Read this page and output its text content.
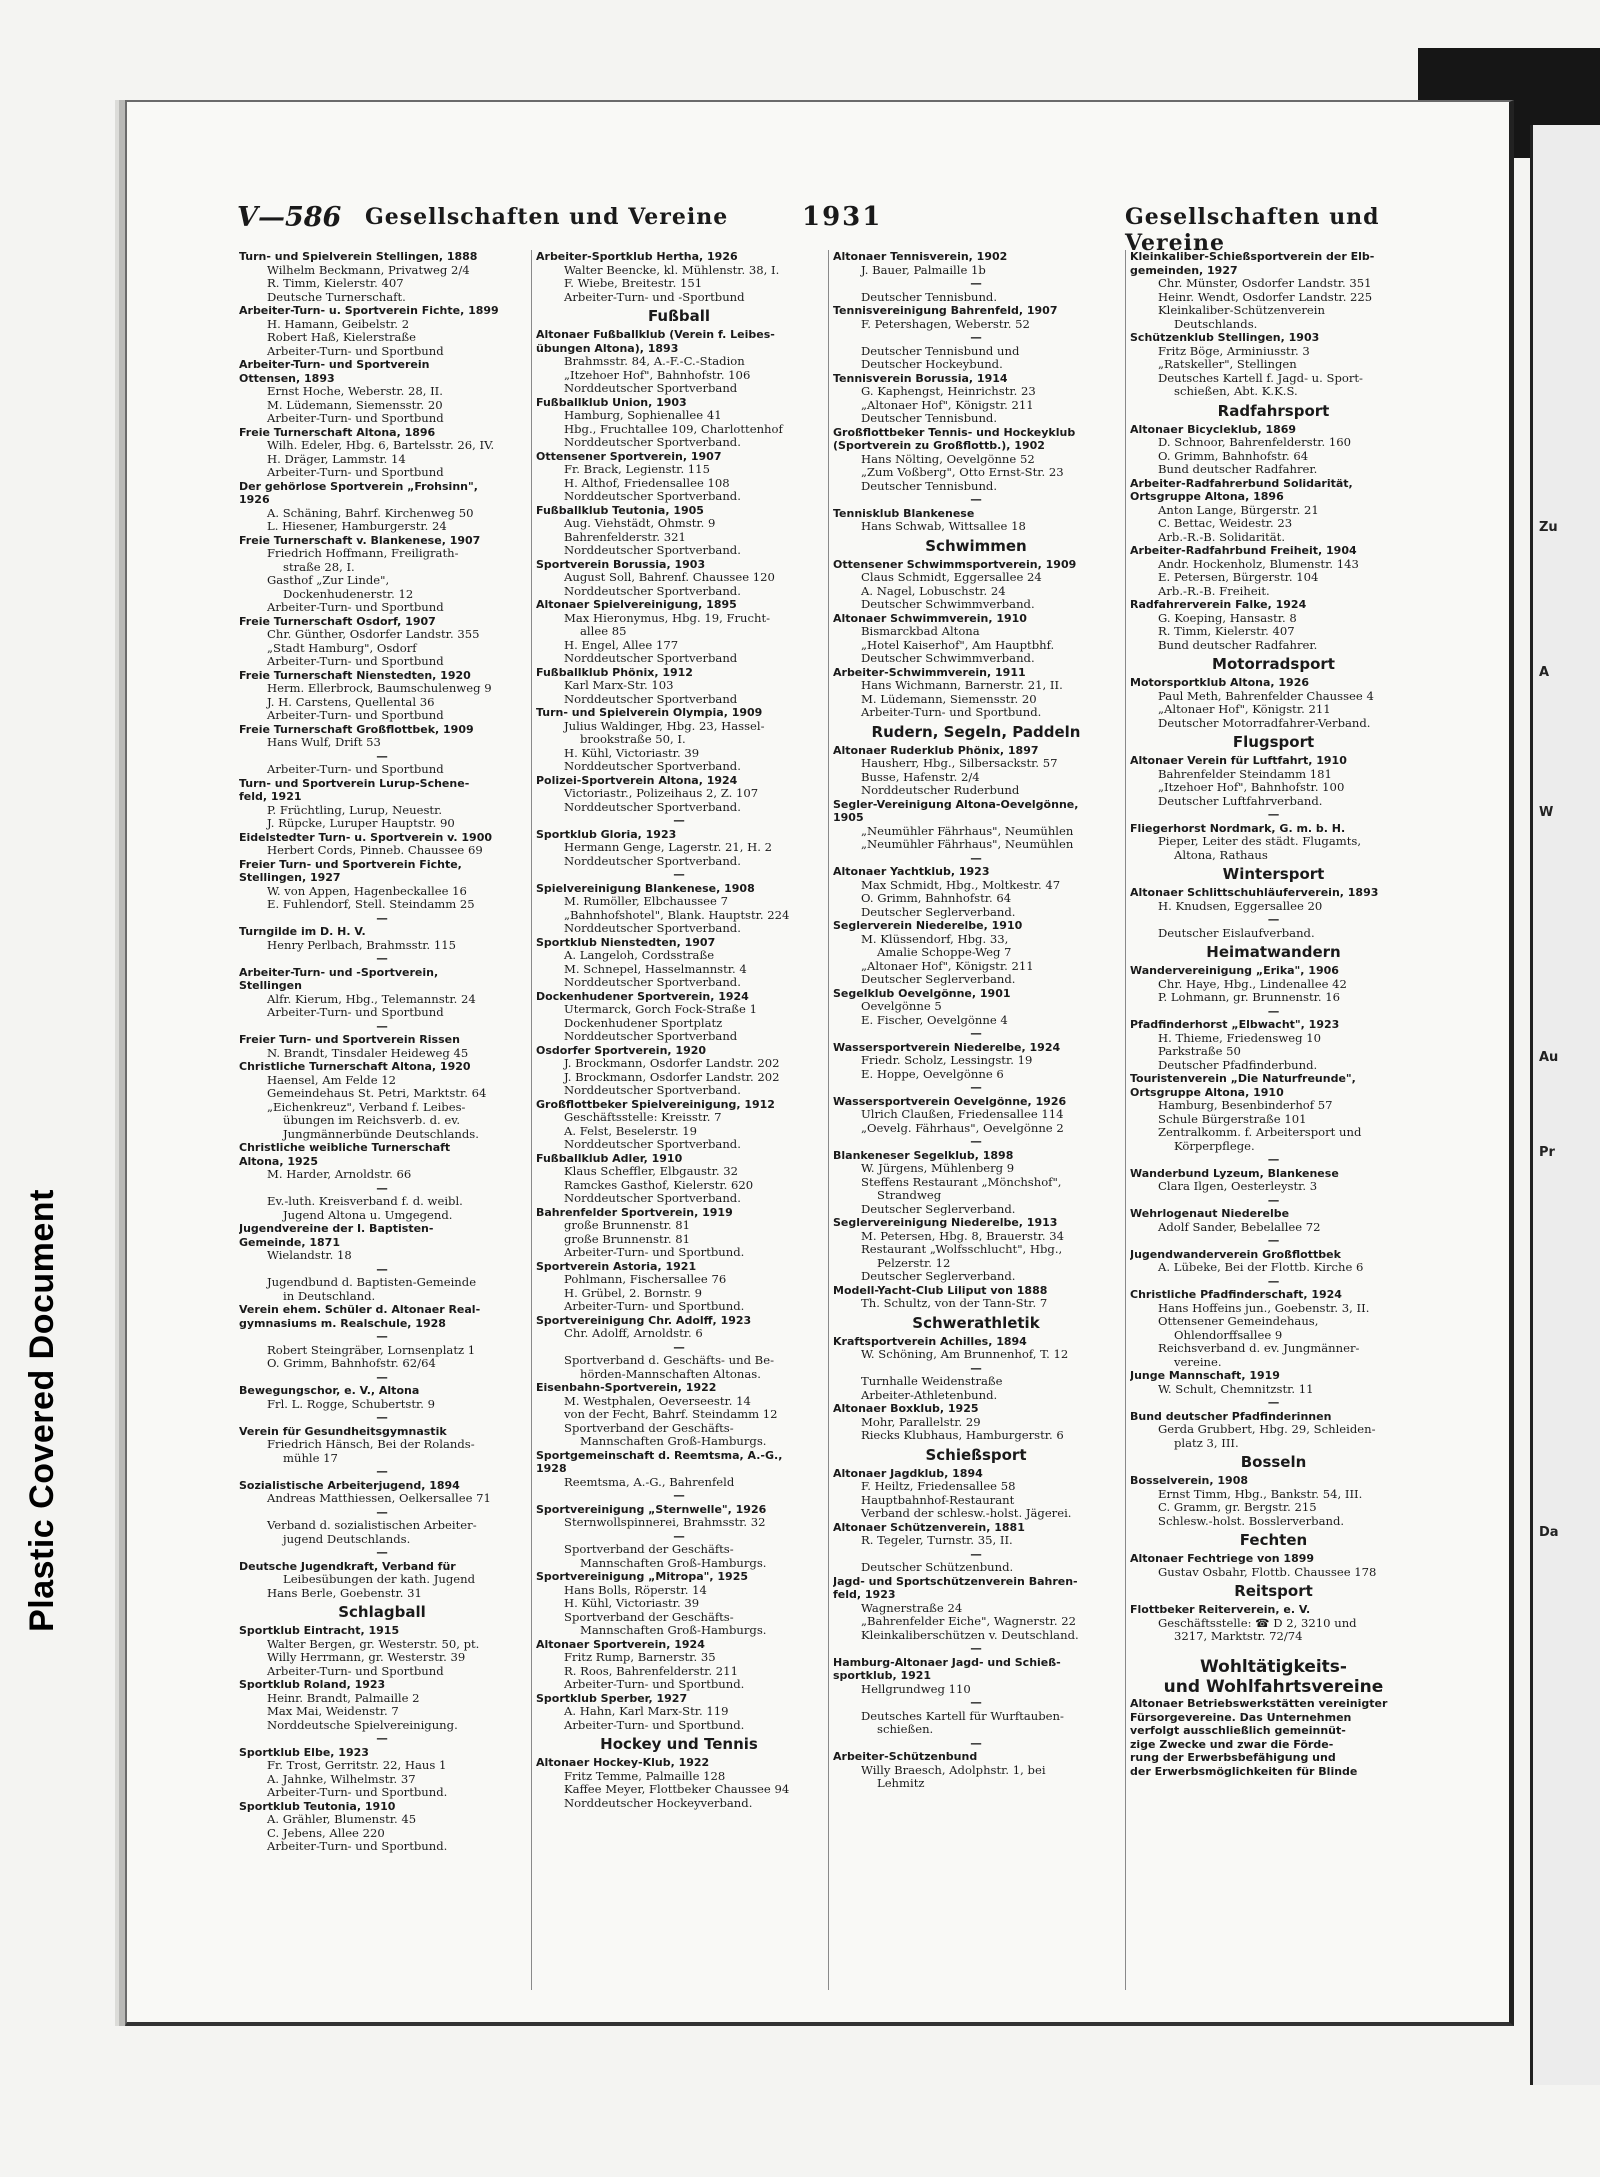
Zu
A
W
Au
Pr
Da
Plastic Covered Document
V—586 Gesellschaften und Vereine	1931	Gesellschaften und Vereine
Turn- und Spielverein Stellingen, 1888
Wilhelm Beckmann, Privatweg 2/4
R. Timm, Kielerstr. 407
Deutsche Turnerschaft.
Arbeiter-Turn- u. Sportverein Fichte, 1899
H. Hamann, Geibelstr. 2
Robert Haß, Kielerstraße
Arbeiter-Turn- und Sportbund
Arbeiter-Turn- und Sportverein
Ottensen, 1893
Ernst Hoche, Weberstr. 28, II.
M. Lüdemann, Siemensstr. 20
Arbeiter-Turn- und Sportbund
Freie Turnerschaft Altona, 1896
Wilh. Edeler, Hbg. 6, Bartelsstr. 26, IV.
H. Dräger, Lammstr. 14
Arbeiter-Turn- und Sportbund
Der gehörlose Sportverein „Frohsinn",
1926
A. Schäning, Bahrf. Kirchenweg 50
L. Hiesener, Hamburgerstr. 24
Freie Turnerschaft v. Blankenese, 1907
Friedrich Hoffmann, Freiligrath-
straße 28, I.
Gasthof „Zur Linde",
Dockenhudenerstr. 12
Arbeiter-Turn- und Sportbund
Freie Turnerschaft Osdorf, 1907
Chr. Günther, Osdorfer Landstr. 355
„Stadt Hamburg", Osdorf
Arbeiter-Turn- und Sportbund
Freie Turnerschaft Nienstedten, 1920
Herm. Ellerbrock, Baumschulenweg 9
J. H. Carstens, Quellental 36
Arbeiter-Turn- und Sportbund
Freie Turnerschaft Großflottbek, 1909
Hans Wulf, Drift 53
—
Arbeiter-Turn- und Sportbund
Turn- und Sportverein Lurup-Schene-
feld, 1921
P. Früchtling, Lurup, Neuestr.
J. Rüpcke, Luruper Hauptstr. 90
Eidelstedter Turn- u. Sportverein v. 1900
Herbert Cords, Pinneb. Chaussee 69
Freier Turn- und Sportverein Fichte,
Stellingen, 1927
W. von Appen, Hagenbeckallee 16
E. Fuhlendorf, Stell. Steindamm 25
—
Turngilde im D. H. V.
Henry Perlbach, Brahmsstr. 115
—
Arbeiter-Turn- und -Sportverein,
Stellingen
Alfr. Kierum, Hbg., Telemannstr. 24
Arbeiter-Turn- und Sportbund
—
Freier Turn- und Sportverein Rissen
N. Brandt, Tinsdaler Heideweg 45
Christliche Turnerschaft Altona, 1920
Haensel, Am Felde 12
Gemeindehaus St. Petri, Marktstr. 64
„Eichenkreuz", Verband f. Leibes-
übungen im Reichsverb. d. ev.
Jungmännerbünde Deutschlands.
Christliche weibliche Turnerschaft
Altona, 1925
M. Harder, Arnoldstr. 66
—
Ev.-luth. Kreisverband f. d. weibl.
Jugend Altona u. Umgegend.
Jugendvereine der I. Baptisten-
Gemeinde, 1871
Wielandstr. 18
—
Jugendbund d. Baptisten-Gemeinde
in Deutschland.
Verein ehem. Schüler d. Altonaer Real-
gymnasiums m. Realschule, 1928
—
Robert Steingräber, Lornsenplatz 1
O. Grimm, Bahnhofstr. 62/64
—
Bewegungschor, e. V., Altona
Frl. L. Rogge, Schubertstr. 9
—
Verein für Gesundheitsgymnastik
Friedrich Hänsch, Bei der Rolands-
mühle 17
—
Sozialistische Arbeiterjugend, 1894
Andreas Matthiessen, Oelkersallee 71
—
Verband d. sozialistischen Arbeiter-
jugend Deutschlands.
—
Deutsche Jugendkraft, Verband für
Leibesübungen der kath. Jugend
Hans Berle, Goebenstr. 31
Schlagball
Sportklub Eintracht, 1915
Walter Bergen, gr. Westerstr. 50, pt.
Willy Herrmann, gr. Westerstr. 39
Arbeiter-Turn- und Sportbund
Sportklub Roland, 1923
Heinr. Brandt, Palmaille 2
Max Mai, Weidenstr. 7
Norddeutsche Spielvereinigung.
—
Sportklub Elbe, 1923
Fr. Trost, Gerritstr. 22, Haus 1
A. Jahnke, Wilhelmstr. 37
Arbeiter-Turn- und Sportbund.
Sportklub Teutonia, 1910
A. Grähler, Blumenstr. 45
C. Jebens, Allee 220
Arbeiter-Turn- und Sportbund.
Arbeiter-Sportklub Hertha, 1926
Walter Beencke, kl. Mühlenstr. 38, I.
F. Wiebe, Breitestr. 151
Arbeiter-Turn- und -Sportbund
Fußball
Altonaer Fußballklub (Verein f. Leibes-
übungen Altona), 1893
Brahmsstr. 84, A.-F.-C.-Stadion
„Itzehoer Hof", Bahnhofstr. 106
Norddeutscher Sportverband
Fußballklub Union, 1903
Hamburg, Sophienallee 41
Hbg., Fruchtallee 109, Charlottenhof
Norddeutscher Sportverband.
Ottensener Sportverein, 1907
Fr. Brack, Legienstr. 115
H. Althof, Friedensallee 108
Norddeutscher Sportverband.
Fußballklub Teutonia, 1905
Aug. Viehstädt, Ohmstr. 9
Bahrenfelderstr. 321
Norddeutscher Sportverband.
Sportverein Borussia, 1903
August Soll, Bahrenf. Chaussee 120
Norddeutscher Sportverband.
Altonaer Spielvereinigung, 1895
Max Hieronymus, Hbg. 19, Frucht-
allee 85
H. Engel, Allee 177
Norddeutscher Sportverband
Fußballklub Phönix, 1912
Karl Marx-Str. 103
Norddeutscher Sportverband
Turn- und Spielverein Olympia, 1909
Julius Waldinger, Hbg. 23, Hassel-
brookstraße 50, I.
H. Kühl, Victoriastr. 39
Norddeutscher Sportverband.
Polizei-Sportverein Altona, 1924
Victoriastr., Polizeihaus 2, Z. 107
Norddeutscher Sportverband.
—
Sportklub Gloria, 1923
Hermann Genge, Lagerstr. 21, H. 2
Norddeutscher Sportverband.
—
Spielvereinigung Blankenese, 1908
M. Rumöller, Elbchaussee 7
„Bahnhofshotel", Blank. Hauptstr. 224
Norddeutscher Sportverband.
Sportklub Nienstedten, 1907
A. Langeloh, Cordsstraße
M. Schnepel, Hasselmannstr. 4
Norddeutscher Sportverband.
Dockenhudener Sportverein, 1924
Utermarck, Gorch Fock-Straße 1
Dockenhudener Sportplatz
Norddeutscher Sportverband
Osdorfer Sportverein, 1920
J. Brockmann, Osdorfer Landstr. 202
J. Brockmann, Osdorfer Landstr. 202
Norddeutscher Sportverband.
Großflottbeker Spielvereinigung, 1912
Geschäftsstelle: Kreisstr. 7
A. Felst, Beselerstr. 19
Norddeutscher Sportverband.
Fußballklub Adler, 1910
Klaus Scheffler, Elbgaustr. 32
Ramckes Gasthof, Kielerstr. 620
Norddeutscher Sportverband.
Bahrenfelder Sportverein, 1919
große Brunnenstr. 81
große Brunnenstr. 81
Arbeiter-Turn- und Sportbund.
Sportverein Astoria, 1921
Pohlmann, Fischersallee 76
H. Grübel, 2. Bornstr. 9
Arbeiter-Turn- und Sportbund.
Sportvereinigung Chr. Adolff, 1923
Chr. Adolff, Arnoldstr. 6
—
Sportverband d. Geschäfts- und Be-
hörden-Mannschaften Altonas.
Eisenbahn-Sportverein, 1922
M. Westphalen, Oeverseestr. 14
von der Fecht, Bahrf. Steindamm 12
Sportverband der Geschäfts-
Mannschaften Groß-Hamburgs.
Sportgemeinschaft d. Reemtsma, A.-G.,
1928
Reemtsma, A.-G., Bahrenfeld
—
Sportvereinigung „Sternwelle", 1926
Sternwollspinnerei, Brahmsstr. 32
—
Sportverband der Geschäfts-
Mannschaften Groß-Hamburgs.
Sportvereinigung „Mitropa", 1925
Hans Bolls, Röperstr. 14
H. Kühl, Victoriastr. 39
Sportverband der Geschäfts-
Mannschaften Groß-Hamburgs.
Altonaer Sportverein, 1924
Fritz Rump, Barnerstr. 35
R. Roos, Bahrenfelderstr. 211
Arbeiter-Turn- und Sportbund.
Sportklub Sperber, 1927
A. Hahn, Karl Marx-Str. 119
Arbeiter-Turn- und Sportbund.
Hockey und Tennis
Altonaer Hockey-Klub, 1922
Fritz Temme, Palmaille 128
Kaffee Meyer, Flottbeker Chaussee 94
Norddeutscher Hockeyverband.
Altonaer Tennisverein, 1902
J. Bauer, Palmaille 1b
—
Deutscher Tennisbund.
Tennisvereinigung Bahrenfeld, 1907
F. Petershagen, Weberstr. 52
—
Deutscher Tennisbund und
Deutscher Hockeybund.
Tennisverein Borussia, 1914
G. Kaphengst, Heinrichstr. 23
„Altonaer Hof", Königstr. 211
Deutscher Tennisbund.
Großflottbeker Tennis- und Hockeyklub
(Sportverein zu Großflottb.), 1902
Hans Nölting, Oevelgönne 52
„Zum Voßberg", Otto Ernst-Str. 23
Deutscher Tennisbund.
—
Tennisklub Blankenese
Hans Schwab, Wittsallee 18
Schwimmen
Ottensener Schwimmsportverein, 1909
Claus Schmidt, Eggersallee 24
A. Nagel, Lobuschstr. 24
Deutscher Schwimmverband.
Altonaer Schwimmverein, 1910
Bismarckbad Altona
„Hotel Kaiserhof", Am Hauptbhf.
Deutscher Schwimmverband.
Arbeiter-Schwimmverein, 1911
Hans Wichmann, Barnerstr. 21, II.
M. Lüdemann, Siemensstr. 20
Arbeiter-Turn- und Sportbund.
Rudern, Segeln, Paddeln
Altonaer Ruderklub Phönix, 1897
Hausherr, Hbg., Silbersackstr. 57
Busse, Hafenstr. 2/4
Norddeutscher Ruderbund
Segler-Vereinigung Altona-Oevelgönne,
1905
„Neumühler Fährhaus", Neumühlen
„Neumühler Fährhaus", Neumühlen
—
Altonaer Yachtklub, 1923
Max Schmidt, Hbg., Moltkestr. 47
O. Grimm, Bahnhofstr. 64
Deutscher Seglerverband.
Seglerverein Niederelbe, 1910
M. Klüssendorf, Hbg. 33,
Amalie Schoppe-Weg 7
„Altonaer Hof", Königstr. 211
Deutscher Seglerverband.
Segelklub Oevelgönne, 1901
Oevelgönne 5
E. Fischer, Oevelgönne 4
—
Wassersportverein Niederelbe, 1924
Friedr. Scholz, Lessingstr. 19
E. Hoppe, Oevelgönne 6
—
Wassersportverein Oevelgönne, 1926
Ulrich Claußen, Friedensallee 114
„Oevelg. Fährhaus", Oevelgönne 2
—
Blankeneser Segelklub, 1898
W. Jürgens, Mühlenberg 9
Steffens Restaurant „Mönchshof",
Strandweg
Deutscher Seglerverband.
Seglervereinigung Niederelbe, 1913
M. Petersen, Hbg. 8, Brauerstr. 34
Restaurant „Wolfsschlucht", Hbg.,
Pelzerstr. 12
Deutscher Seglerverband.
Modell-Yacht-Club Liliput von 1888
Th. Schultz, von der Tann-Str. 7
Schwerathletik
Kraftsportverein Achilles, 1894
W. Schöning, Am Brunnenhof, T. 12
—
Turnhalle Weidenstraße
Arbeiter-Athletenbund.
Altonaer Boxklub, 1925
Mohr, Parallelstr. 29
Riecks Klubhaus, Hamburgerstr. 6
Schießsport
Altonaer Jagdklub, 1894
F. Heiltz, Friedensallee 58
Hauptbahnhof-Restaurant
Verband der schlesw.-holst. Jägerei.
Altonaer Schützenverein, 1881
R. Tegeler, Turnstr. 35, II.
—
Deutscher Schützenbund.
Jagd- und Sportschützenverein Bahren-
feld, 1923
Wagnerstraße 24
„Bahrenfelder Eiche", Wagnerstr. 22
Kleinkaliberschützen v. Deutschland.
—
Hamburg-Altonaer Jagd- und Schieß-
sportklub, 1921
Hellgrundweg 110
—
Deutsches Kartell für Wurftauben-
schießen.
—
Arbeiter-Schützenbund
Willy Braesch, Adolphstr. 1, bei
Lehmitz
Kleinkaliber-Schießsportverein der Elb-
gemeinden, 1927
Chr. Münster, Osdorfer Landstr. 351
Heinr. Wendt, Osdorfer Landstr. 225
Kleinkaliber-Schützenverein
Deutschlands.
Schützenklub Stellingen, 1903
Fritz Böge, Arminiusstr. 3
„Ratskeller", Stellingen
Deutsches Kartell f. Jagd- u. Sport-
schießen, Abt. K.K.S.
Radfahrsport
Altonaer Bicycleklub, 1869
D. Schnoor, Bahrenfelderstr. 160
O. Grimm, Bahnhofstr. 64
Bund deutscher Radfahrer.
Arbeiter-Radfahrerbund Solidarität,
Ortsgruppe Altona, 1896
Anton Lange, Bürgerstr. 21
C. Bettac, Weidestr. 23
Arb.-R.-B. Solidarität.
Arbeiter-Radfahrbund Freiheit, 1904
Andr. Hockenholz, Blumenstr. 143
E. Petersen, Bürgerstr. 104
Arb.-R.-B. Freiheit.
Radfahrerverein Falke, 1924
G. Koeping, Hansastr. 8
R. Timm, Kielerstr. 407
Bund deutscher Radfahrer.
Motorradsport
Motorsportklub Altona, 1926
Paul Meth, Bahrenfelder Chaussee 4
„Altonaer Hof", Königstr. 211
Deutscher Motorradfahrer-Verband.
Flugsport
Altonaer Verein für Luftfahrt, 1910
Bahrenfelder Steindamm 181
„Itzehoer Hof", Bahnhofstr. 100
Deutscher Luftfahrverband.
—
Fliegerhorst Nordmark, G. m. b. H.
Pieper, Leiter des städt. Flugamts,
Altona, Rathaus
Wintersport
Altonaer Schlittschuhläuferverein, 1893
H. Knudsen, Eggersallee 20
—
Deutscher Eislaufverband.
Heimatwandern
Wandervereinigung „Erika", 1906
Chr. Haye, Hbg., Lindenallee 42
P. Lohmann, gr. Brunnenstr. 16
—
Pfadfinderhorst „Elbwacht", 1923
H. Thieme, Friedensweg 10
Parkstraße 50
Deutscher Pfadfinderbund.
Touristenverein „Die Naturfreunde",
Ortsgruppe Altona, 1910
Hamburg, Besenbinderhof 57
Schule Bürgerstraße 101
Zentralkomm. f. Arbeitersport und
Körperpflege.
—
Wanderbund Lyzeum, Blankenese
Clara Ilgen, Oesterleystr. 3
—
Wehrlogenaut Niederelbe
Adolf Sander, Bebelallee 72
—
Jugendwanderverein Großflottbek
A. Lübeke, Bei der Flottb. Kirche 6
—
Christliche Pfadfinderschaft, 1924
Hans Hoffeins jun., Goebenstr. 3, II.
Ottensener Gemeindehaus,
Ohlendorffsallee 9
Reichsverband d. ev. Jungmänner-
vereine.
Junge Mannschaft, 1919
W. Schult, Chemnitzstr. 11
—
Bund deutscher Pfadfinderinnen
Gerda Grubbert, Hbg. 29, Schleiden-
platz 3, III.
Bosseln
Bosselverein, 1908
Ernst Timm, Hbg., Bankstr. 54, III.
C. Gramm, gr. Bergstr. 215
Schlesw.-holst. Bosslerverband.
Fechten
Altonaer Fechtriege von 1899
Gustav Osbahr, Flottb. Chaussee 178
Reitsport
Flottbeker Reiterverein, e. V.
Geschäftsstelle: ☎ D 2, 3210 und
3217, Marktstr. 72/74
Wohltätigkeits-
und Wohlfahrtsvereine
Altonaer Betriebswerkstätten vereinigter
Fürsorgevereine. Das Unternehmen
verfolgt ausschließlich gemeinnüt-
zige Zwecke und zwar die Förde-
rung der Erwerbsbefähigung und
der Erwerbsmöglichkeiten für Blinde
